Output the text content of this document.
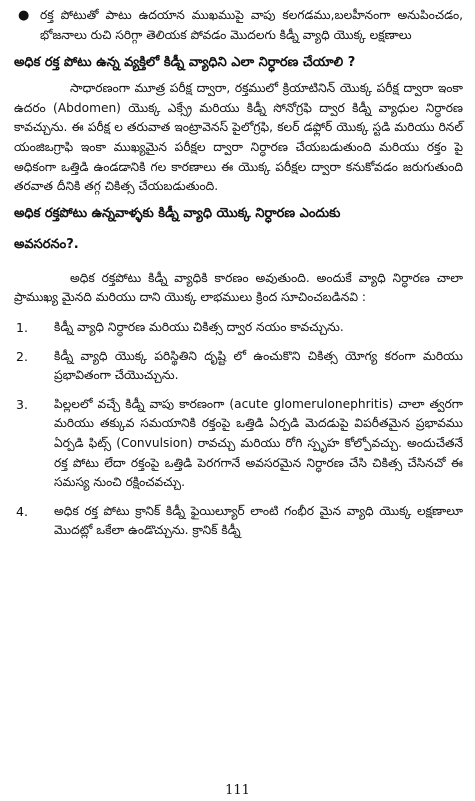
● రక్త పోటుతో పాటు ఉదయాన ముఖముపై వాపు కలగడము,బలహీనంగా అనుపించడం, భోజనాలు రుచి సరిగ్గా తెలియక పోవడం మొదలగు కిడ్నీ వ్యాధి యొక్క లక్షణాలు

అధిక రక్త పోటు ఉన్న వ్యక్తిలో కిడ్నీ వ్యాధిని ఎలా నిర్ధారణ చేయాలి ?

సాధారణంగా మూత్ర పరీక్ష ద్వారా, రక్తములో క్రియాటినిన్ యొక్క పరీక్ష ద్వారా ఇంకా ఉదరం (Abdomen) యొక్క ఎక్స్రే మరియు కిడ్నీ సోనోగ్రఫి ద్వార కిడ్నీ వ్యాధుల నిర్ధారణ కావచ్చును. ఈ పరీక్ష ల తరువాత ఇంట్రావెనస్ పైలోగ్రఫి, కలర్ డఫ్లోర్ యొక్క స్టడి మరియు రినల్ యంజిఒగ్రాఫి ఇంకా ముఖ్యమైన పరీక్షల ద్వారా నిర్ధారణ చేయబడుతుంది మరియు రక్తం పై అధికంగా ఒత్తిడి ఉండడానికి గల కారణాలు ఈ యొక్క పరీక్షల ద్వారా కనుకోవడం జరుగుతుంది తరవాత దీనికి తగ్గ చికిత్స చేయబడుతుంది.

అధిక రక్తపోటు ఉన్నవాళ్ళకు కిడ్నీ వ్యాధి యొక్క నిర్ధారణ ఎందుకు
అవసరనం?.

అధిక రక్తపోటు కిడ్నీ వ్యాధికి కారణం అవుతుంది. అందుకే వ్యాధి నిర్ధారణ చాలా ప్రాముఖ్య మైనది మరియు దాని యొక్క లాభములు క్రింద సూచించబడినవి :

1.	కిడ్నీ వ్యాధి నిర్ధారణ మరియు చికిత్స ద్వార నయం కావచ్చును.

2.	కిడ్నీ వ్యాధి యొక్క పరిస్థితిని దృష్టి లో ఉంచుకొని చికిత్స యోగ్య కరంగా మరియు ప్రభావితంగా చేయొచ్చును.

3.	పిల్లలలో వచ్చే కిడ్నీ వాపు కారణంగా (acute glomerulonephritis) చాలా త్వరగా మరియు తక్కువ సమయానికి రక్తంపై ఒత్తిడి ఏర్పడి మెదడుపై విపరీతమైన ప్రభావము ఏర్పడి ఫిట్స్ (Convulsion) రావచ్చు మరియు రోగి స్పృహ కోల్పోవచ్చు. అందుచేతనే రక్త పోటు లేదా రక్తంపై ఒత్తిడి పెరగగానే అవసరమైన నిర్ధారణ చేసి చికిత్స చేసినచో ఈ సమస్య నుంచి రక్షించవచ్చు.

4.	అధిక రక్త పోటు క్రానిక్ కిడ్నీ ఫైయిల్యూర్ లాంటి గంభీర మైన వ్యాధి యొక్క లక్షణాలూ మొదట్లో ఒకేలా ఉండొచ్చును. క్రానిక్ కిడ్నీ

111
